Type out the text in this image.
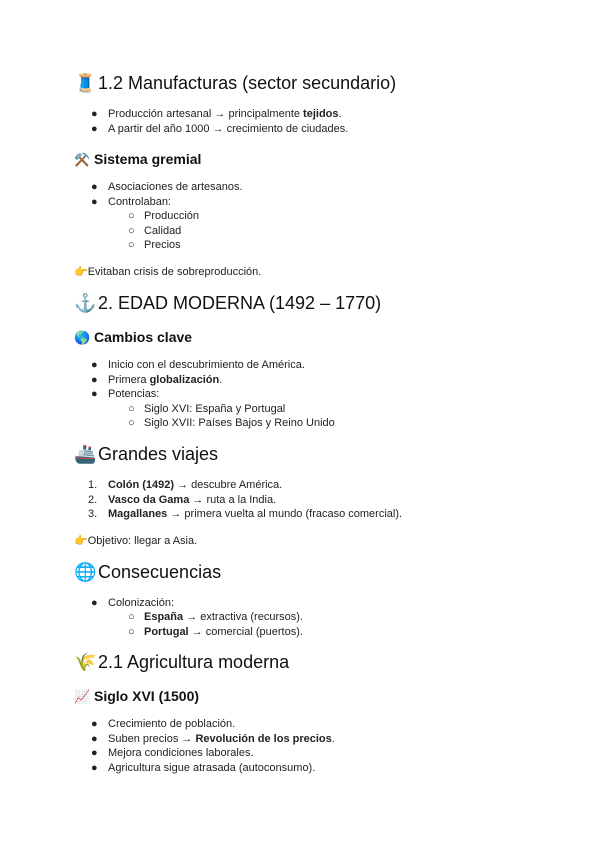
🧵1.2 Manufacturas (sector secundario)
● Producción artesanal → principalmente tejidos.
● A partir del año 1000 → crecimiento de ciudades.
⚒️ Sistema gremial
● Asociaciones de artesanos.
● Controlaban:
○ Producción
○ Calidad
○ Precios
👉Evitaban crisis de sobreproducción.
⚓2. EDAD MODERNA (1492 – 1770)
🌎 Cambios clave
● Inicio con el descubrimiento de América.
● Primera globalización.
● Potencias:
○ Siglo XVI: España y Portugal
○ Siglo XVII: Países Bajos y Reino Unido
🚢Grandes viajes
1. Colón (1492) → descubre América.
2. Vasco da Gama → ruta a la India.
3. Magallanes → primera vuelta al mundo (fracaso comercial).
👉Objetivo: llegar a Asia.
🌐Consecuencias
● Colonización:
○ España → extractiva (recursos).
○ Portugal → comercial (puertos).
🌾2.1 Agricultura moderna
📈 Siglo XVI (1500)
● Crecimiento de población.
● Suben precios → Revolución de los precios.
● Mejora condiciones laborales.
● Agricultura sigue atrasada (autoconsumo).
